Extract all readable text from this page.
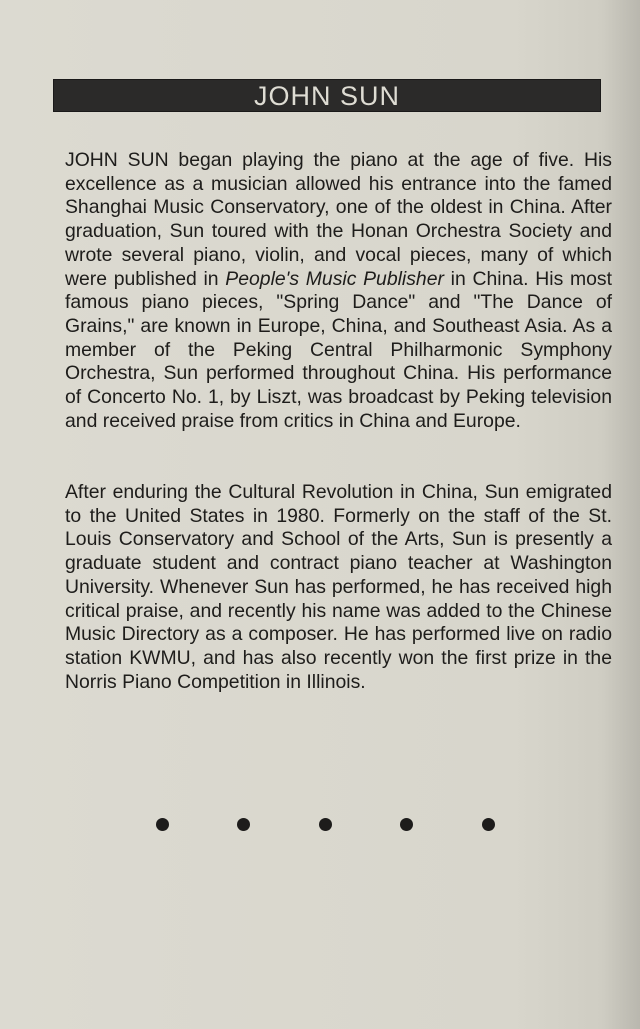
JOHN SUN

JOHN SUN began playing the piano at the age of five. His excellence as a musician allowed his entrance into the famed Shanghai Music Conservatory, one of the oldest in China. After graduation, Sun toured with the Honan Orchestra Society and wrote several piano, violin, and vocal pieces, many of which were published in People's Music Publisher in China. His most famous piano pieces, "Spring Dance" and "The Dance of Grains," are known in Europe, China, and Southeast Asia. As a member of the Peking Central Philharmonic Symphony Orchestra, Sun performed throughout China. His performance of Concerto No. 1, by Liszt, was broadcast by Peking television and received praise from critics in China and Europe.

After enduring the Cultural Revolution in China, Sun emigrated to the United States in 1980. Formerly on the staff of the St. Louis Conservatory and School of the Arts, Sun is presently a graduate student and contract piano teacher at Washington University. Whenever Sun has performed, he has received high critical praise, and recently his name was added to the Chinese Music Directory as a composer. He has performed live on radio station KWMU, and has also recently won the first prize in the Norris Piano Competition in Illinois.
